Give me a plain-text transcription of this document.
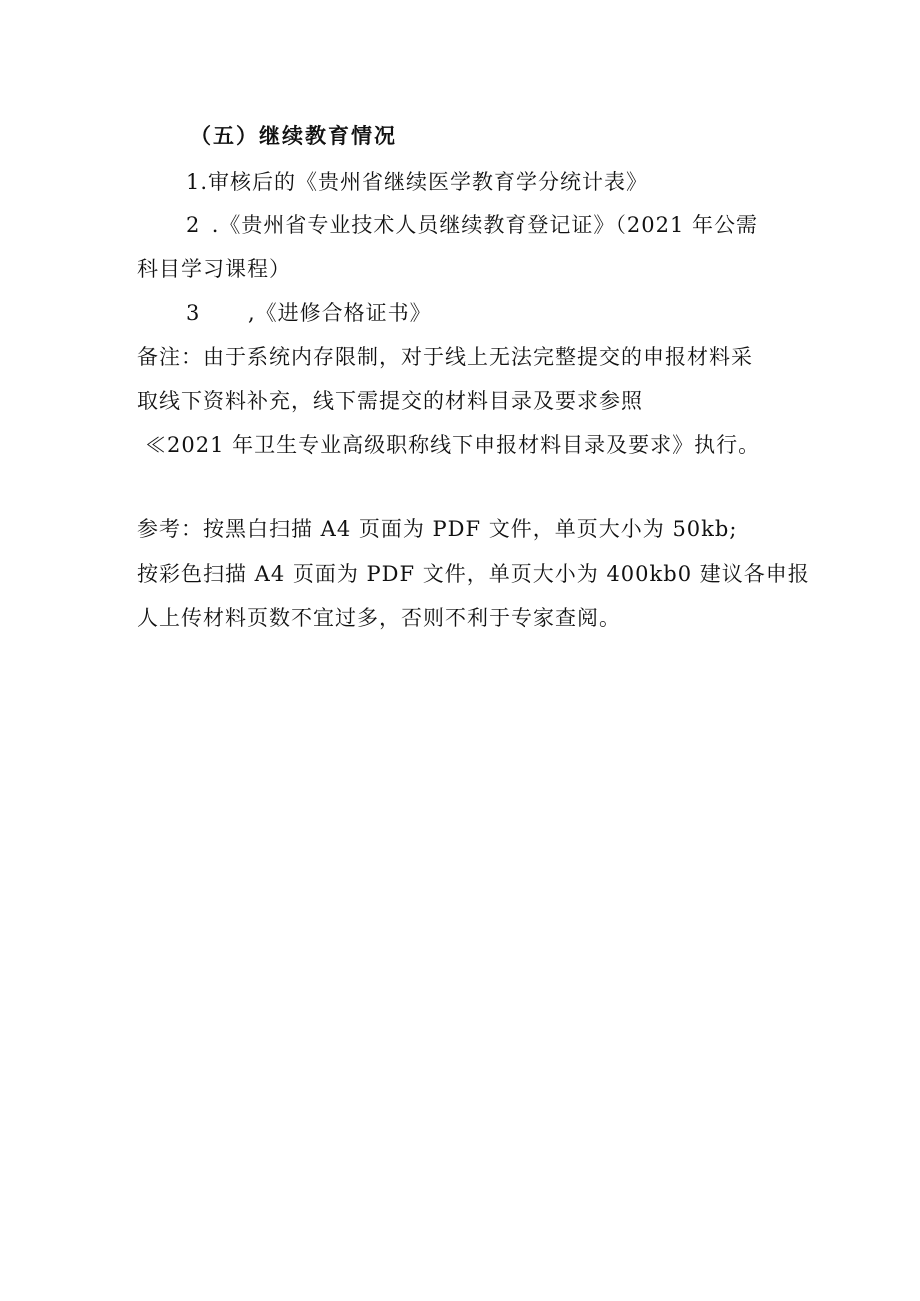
（五）继续教育情况
1.审核后的《贵州省继续医学教育学分统计表》
2 .《贵州省专业技术人员继续教育登记证》（2021 年公需
科目学习课程）
3 ,《进修合格证书》
备注：由于系统内存限制，对于线上无法完整提交的申报材料采
取线下资料补充，线下需提交的材料目录及要求参照
≪2021 年卫生专业高级职称线下申报材料目录及要求》执行。
参考：按黑白扫描 A4 页面为 PDF 文件，单页大小为 50kb;
按彩色扫描 A4 页面为 PDF 文件，单页大小为 400kb0 建议各申报
人上传材料页数不宜过多，否则不利于专家查阅。
